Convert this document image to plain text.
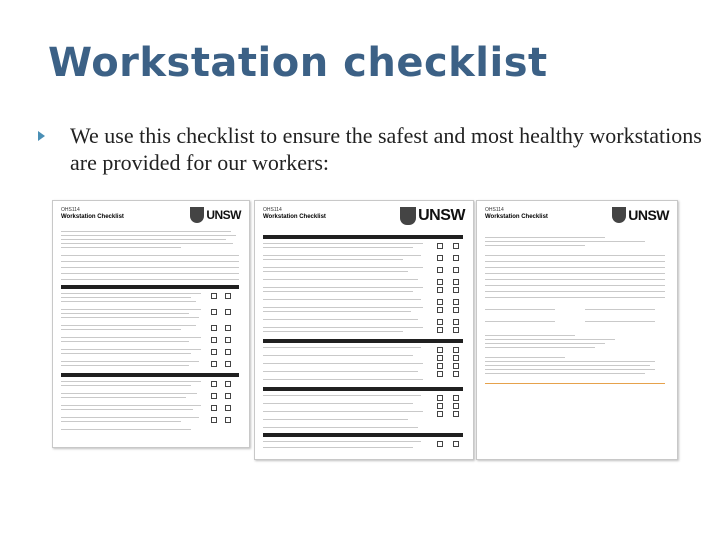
Workstation checklist
We use this checklist to ensure the safest and most healthy workstations are provided for our workers:
OHS114
Workstation Checklist	UNSW	OHS114
Workstation Checklist	UNSW	OHS114
Workstation Checklist	UNSW
